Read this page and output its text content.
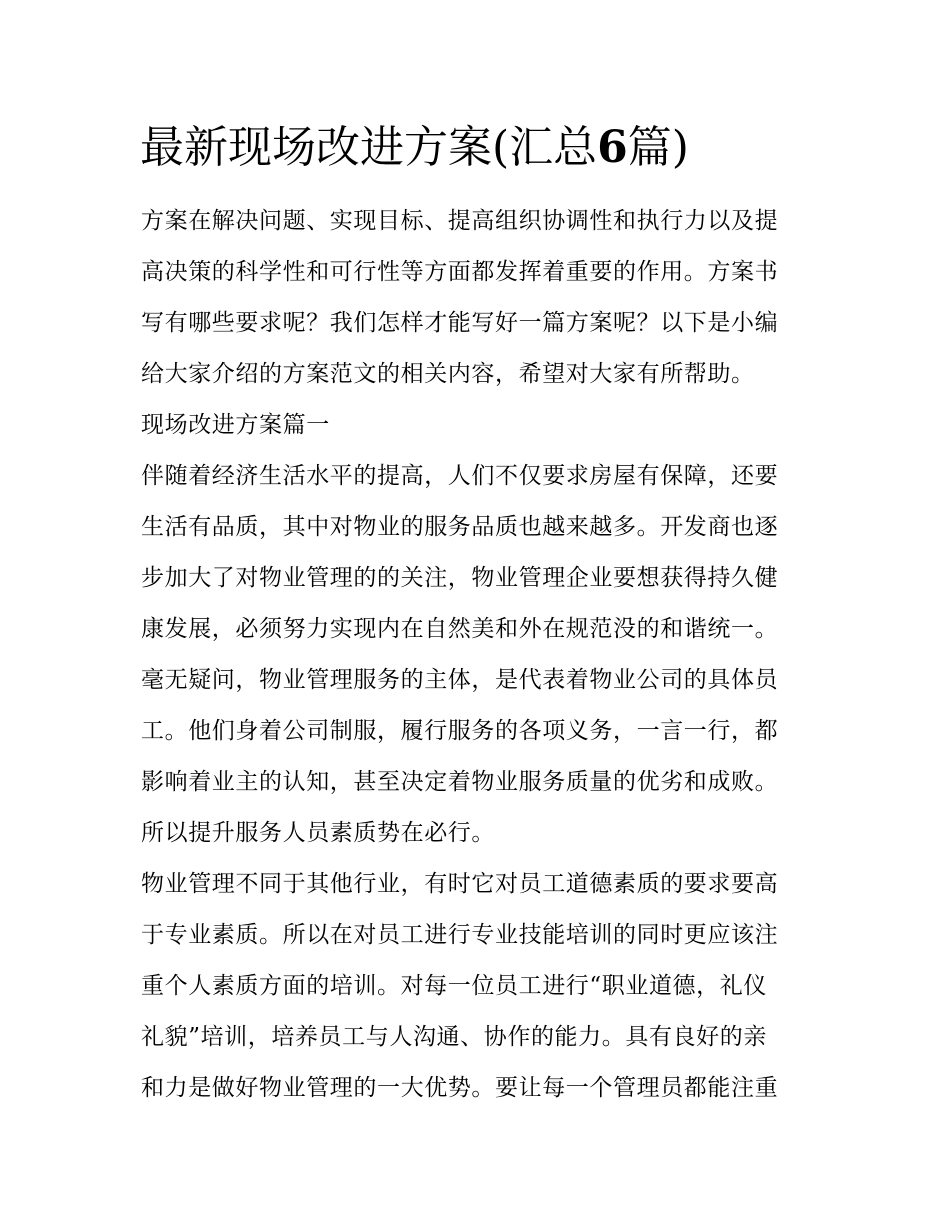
最新现场改进方案(汇总6篇)
方案在解决问题、实现目标、提高组织协调性和执行力以及提
高决策的科学性和可行性等方面都发挥着重要的作用。方案书
写有哪些要求呢？我们怎样才能写好一篇方案呢？以下是小编
给大家介绍的方案范文的相关内容，希望对大家有所帮助。
现场改进方案篇一
伴随着经济生活水平的提高，人们不仅要求房屋有保障，还要
生活有品质，其中对物业的服务品质也越来越多。开发商也逐
步加大了对物业管理的的关注，物业管理企业要想获得持久健
康发展，必须努力实现内在自然美和外在规范没的和谐统一。
毫无疑问，物业管理服务的主体，是代表着物业公司的具体员
工。他们身着公司制服，履行服务的各项义务，一言一行，都
影响着业主的认知，甚至决定着物业服务质量的优劣和成败。
所以提升服务人员素质势在必行。
物业管理不同于其他行业，有时它对员工道德素质的要求要高
于专业素质。所以在对员工进行专业技能培训的同时更应该注
重个人素质方面的培训。对每一位员工进行“职业道德，礼仪
礼貌”培训，培养员工与人沟通、协作的能力。具有良好的亲
和力是做好物业管理的一大优势。要让每一个管理员都能注重
